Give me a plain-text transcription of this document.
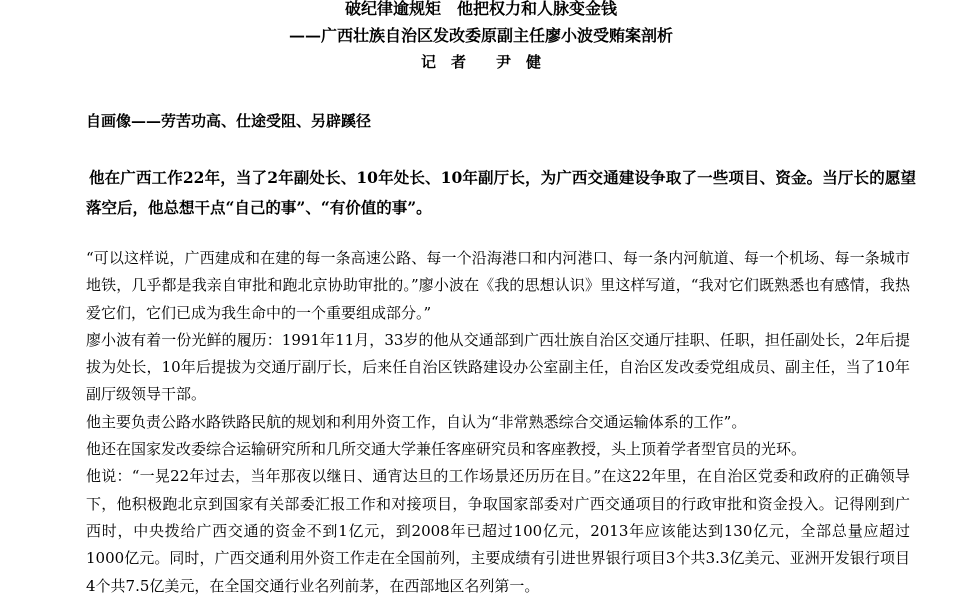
破纪律逾规矩　他把权力和人脉变金钱
——广西壮族自治区发改委原副主任廖小波受贿案剖析
记　者　　尹　健
自画像——劳苦功高、仕途受阻、另辟蹊径
他在广西工作22年，当了2年副处长、10年处长、10年副厅长，为广西交通建设争取了一些项目、资金。当厅长的愿望落空后，他总想干点“自己的事”、“有价值的事”。

“可以这样说，广西建成和在建的每一条高速公路、每一个沿海港口和内河港口、每一条内河航道、每一个机场、每一条城市地铁，几乎都是我亲自审批和跑北京协助审批的。”廖小波在《我的思想认识》里这样写道，“我对它们既熟悉也有感情，我热爱它们，它们已成为我生命中的一个重要组成部分。”

廖小波有着一份光鲜的履历：1991年11月，33岁的他从交通部到广西壮族自治区交通厅挂职、任职，担任副处长，2年后提拔为处长，10年后提拔为交通厅副厅长，后来任自治区铁路建设办公室副主任，自治区发改委党组成员、副主任，当了10年副厅级领导干部。

他主要负责公路水路铁路民航的规划和利用外资工作，自认为“非常熟悉综合交通运输体系的工作”。

他还在国家发改委综合运输研究所和几所交通大学兼任客座研究员和客座教授，头上顶着学者型官员的光环。

他说：“一晃22年过去，当年那夜以继日、通宵达旦的工作场景还历历在目。”在这22年里，在自治区党委和政府的正确领导下，他积极跑北京到国家有关部委汇报工作和对接项目，争取国家部委对广西交通项目的行政审批和资金投入。记得刚到广西时，中央拨给广西交通的资金不到1亿元，到2008年已超过100亿元，2013年应该能达到130亿元，全部总量应超过1000亿元。同时，广西交通利用外资工作走在全国前列，主要成绩有引进世界银行项目3个共3.3亿美元、亚洲开发银行项目4个共7.5亿美元，在全国交通行业名列前茅，在西部地区名列第一。
